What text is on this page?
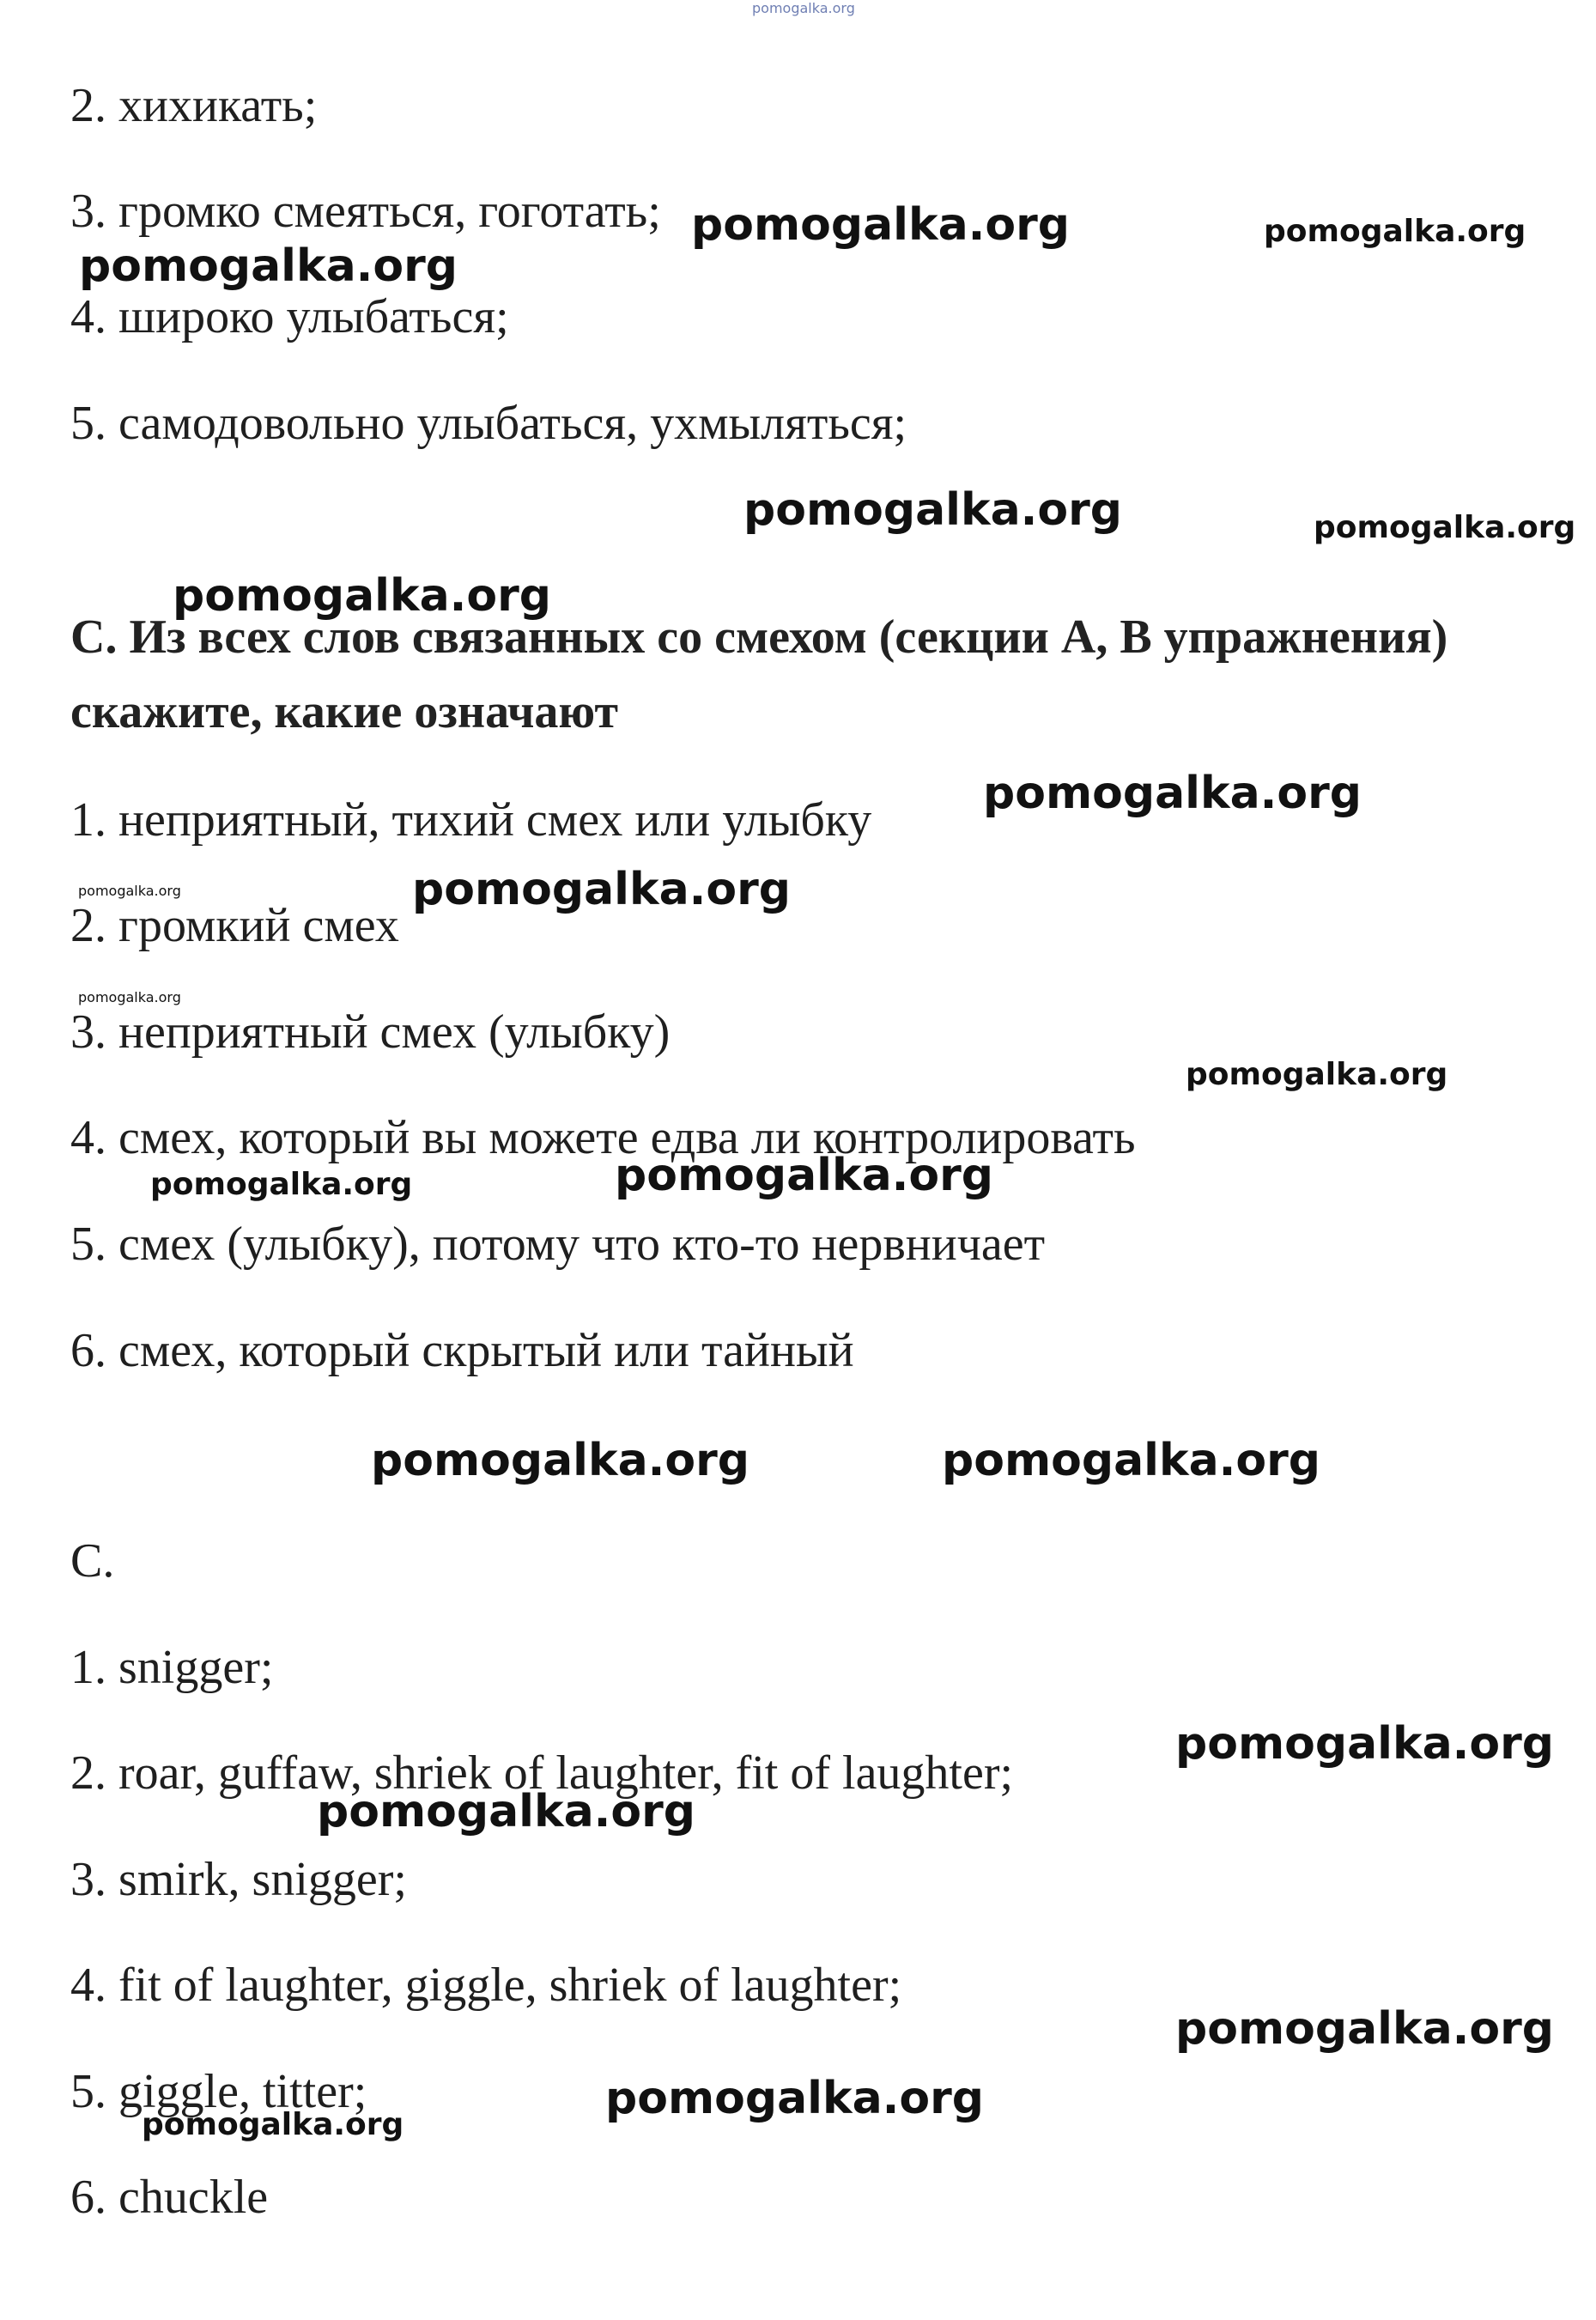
pomogalka.org
2. хихикать;
3. громко смеяться, гоготать;
4. широко улыбаться;
5. самодовольно улыбаться, ухмыляться;
C. Из всех слов связанных со смехом (секции A, B упражнения)
скажите, какие означают
1. неприятный, тихий смех или улыбку
2. громкий смех
3. неприятный смех (улыбку)
4. смех, который вы можете едва ли контролировать
5. смех (улыбку), потому что кто-то нервничает
6. смех, который скрытый или тайный
C.
1. snigger;
2. roar, guffaw, shriek of laughter, fit of laughter;
3. smirk, snigger;
4. fit of laughter, giggle, shriek of laughter;
5. giggle, titter;
6. chuckle
pomogalka.org	pomogalka.org
pomogalka.org
pomogalka.org	pomogalka.org
pomogalka.org
pomogalka.org
pomogalka.org	pomogalka.org
pomogalka.org
pomogalka.org
pomogalka.org	pomogalka.org
pomogalka.org	pomogalka.org
pomogalka.org
pomogalka.org
pomogalka.org
pomogalka.org
pomogalka.org
